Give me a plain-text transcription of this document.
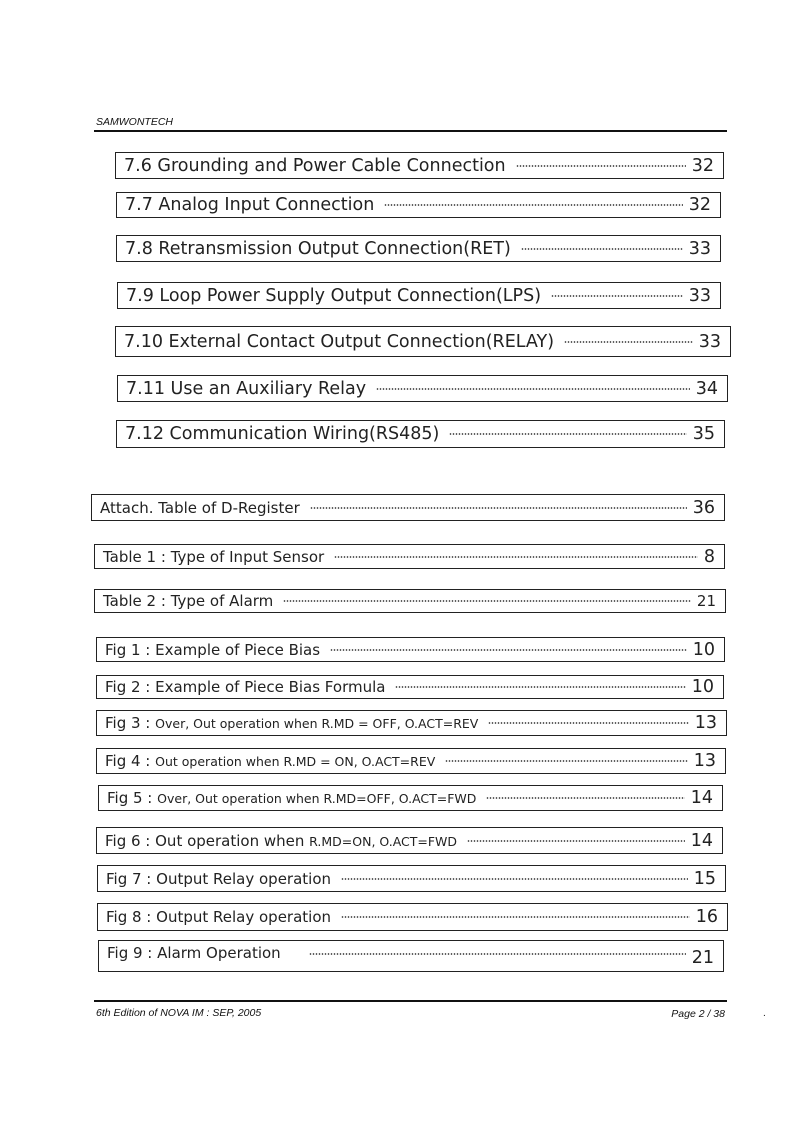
SAMWONTECH
7.6 Grounding and Power Cable Connection	32
7.7 Analog Input Connection	32
7.8 Retransmission Output Connection(RET)	33
7.9 Loop Power Supply Output Connection(LPS)	33
7.10 External Contact Output Connection(RELAY)	33
7.11 Use an Auxiliary Relay	34
7.12 Communication Wiring(RS485)	35
Attach. Table of D-Register	36
Table 1 : Type of Input Sensor	8
Table 2 : Type of Alarm	21
Fig 1 : Example of Piece Bias	10
Fig 2 : Example of Piece Bias Formula	10
Fig 3 : Over, Out operation when R.MD = OFF, O.ACT=REV	13
Fig 4 : Out operation when R.MD = ON, O.ACT=REV	13
Fig 5 : Over, Out operation when R.MD=OFF, O.ACT=FWD	14
Fig 6 : Out operation when R.MD=ON, O.ACT=FWD	14
Fig 7 : Output Relay operation	15
Fig 8 : Output Relay operation	16
Fig 9 : Alarm Operation	21
6th Edition of NOVA IM : SEP, 2005	Page 2 / 38	.
